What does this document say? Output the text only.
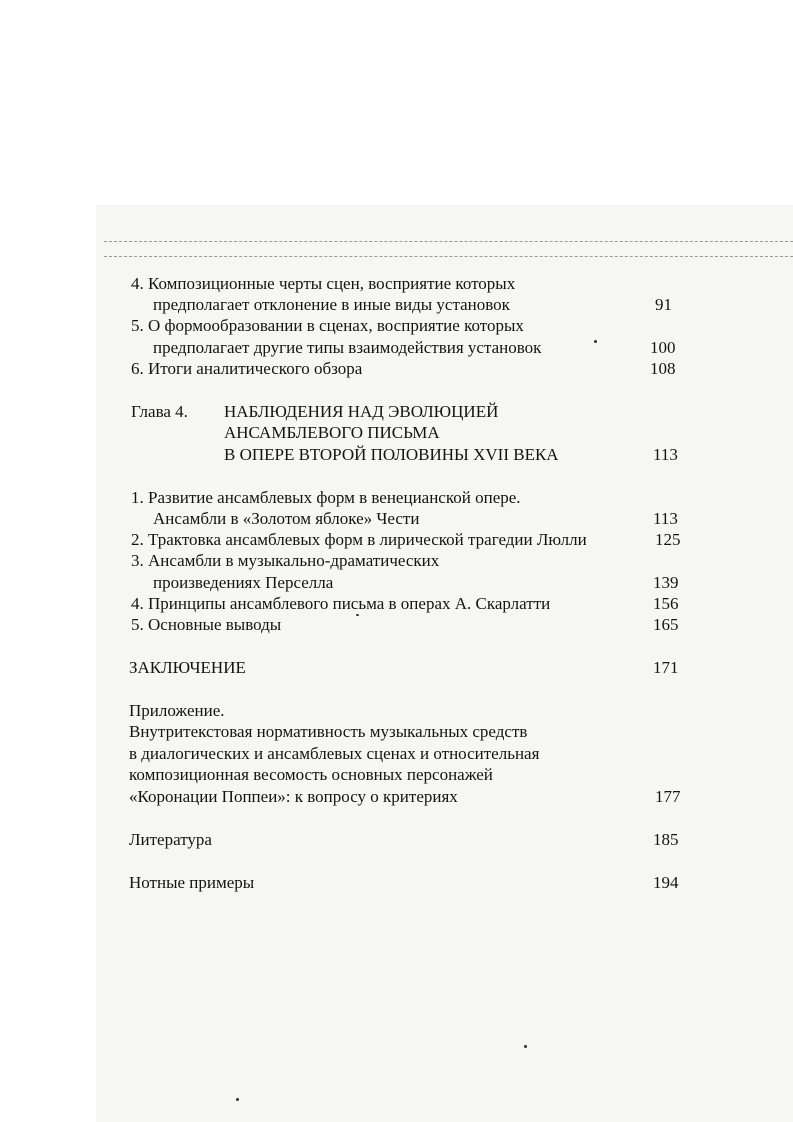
4. Композиционные черты сцен, восприятие которых
предполагает отклонение в иные виды установок	91
5. О формообразовании в сценах, восприятие которых
предполагает другие типы взаимодействия установок	100
6. Итоги аналитического обзора	108
Глава 4. НАБЛЮДЕНИЯ НАД ЭВОЛЮЦИЕЙ
АНСАМБЛЕВОГО ПИСЬМА
В ОПЕРЕ ВТОРОЙ ПОЛОВИНЫ XVII ВЕКА	113
1. Развитие ансамблевых форм в венецианской опере.
Ансамбли в «Золотом яблоке» Чести	113
2. Трактовка ансамблевых форм в лирической трагедии Люлли	125
3. Ансамбли в музыкально-драматических
произведениях Перселла	139
4. Принципы ансамблевого письма в операх А. Скарлатти	156
5. Основные выводы	165
ЗАКЛЮЧЕНИЕ	171
Приложение.
Внутритекстовая нормативность музыкальных средств
в диалогических и ансамблевых сценах и относительная
композиционная весомость основных персонажей
«Коронации Поппеи»: к вопросу о критериях	177
Литература	185
Нотные примеры	194
